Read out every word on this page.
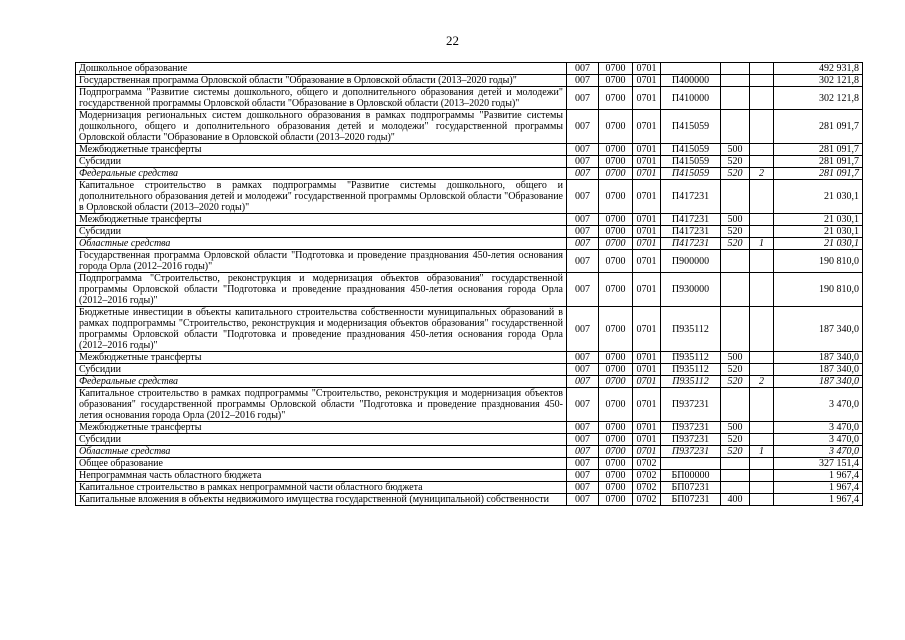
22
Дошкольное образование	007	0700	0701				492 931,8
Государственная программа Орловской области "Образование в Орловской области (2013–2020 годы)"	007	0700	0701	П400000			302 121,8
Подпрограмма "Развитие системы дошкольного, общего и дополнительного образования детей и молодежи" государственной программы Орловской области "Образование в Орловской области (2013–2020 годы)"	007	0700	0701	П410000			302 121,8
Модернизация региональных систем дошкольного образования в рамках подпрограммы "Развитие системы дошкольного, общего и дополнительного образования детей и молодежи" государственной программы Орловской области "Образование в Орловской области (2013–2020 годы)"	007	0700	0701	П415059			281 091,7
Межбюджетные трансферты	007	0700	0701	П415059	500		281 091,7
Субсидии	007	0700	0701	П415059	520		281 091,7
Федеральные средства	007	0700	0701	П415059	520	2	281 091,7
Капитальное строительство в рамках подпрограммы "Развитие системы дошкольного, общего и дополнительного образования детей и молодежи" государственной программы Орловской области "Образование в Орловской области (2013–2020 годы)"	007	0700	0701	П417231			21 030,1
Межбюджетные трансферты	007	0700	0701	П417231	500		21 030,1
Субсидии	007	0700	0701	П417231	520		21 030,1
Областные средства	007	0700	0701	П417231	520	1	21 030,1
Государственная программа Орловской области "Подготовка и проведение празднования 450-летия основания города Орла (2012–2016 годы)"	007	0700	0701	П900000			190 810,0
Подпрограмма "Строительство, реконструкция и модернизация объектов образования" государственной программы Орловской области "Подготовка и проведение празднования 450-летия основания города Орла (2012–2016 годы)"	007	0700	0701	П930000			190 810,0
Бюджетные инвестиции в объекты капитального строительства собственности муниципальных образований в рамках подпрограммы "Строительство, реконструкция и модернизация объектов образования" государственной программы Орловской области "Подготовка и проведение празднования 450-летия основания города Орла (2012–2016 годы)"	007	0700	0701	П935112			187 340,0
Межбюджетные трансферты	007	0700	0701	П935112	500		187 340,0
Субсидии	007	0700	0701	П935112	520		187 340,0
Федеральные средства	007	0700	0701	П935112	520	2	187 340,0
Капитальное строительство в рамках подпрограммы "Строительство, реконструкция и модернизация объектов образования" государственной программы Орловской области "Подготовка и проведение празднования 450-летия основания города Орла (2012–2016 годы)"	007	0700	0701	П937231			3 470,0
Межбюджетные трансферты	007	0700	0701	П937231	500		3 470,0
Субсидии	007	0700	0701	П937231	520		3 470,0
Областные средства	007	0700	0701	П937231	520	1	3 470,0
Общее образование	007	0700	0702				327 151,4
Непрограммная часть областного бюджета	007	0700	0702	БП00000			1 967,4
Капитальное строительство в рамках непрограммной части областного бюджета	007	0700	0702	БП07231			1 967,4
Капитальные вложения в объекты недвижимого имущества государственной (муниципальной) собственности	007	0700	0702	БП07231	400		1 967,4
